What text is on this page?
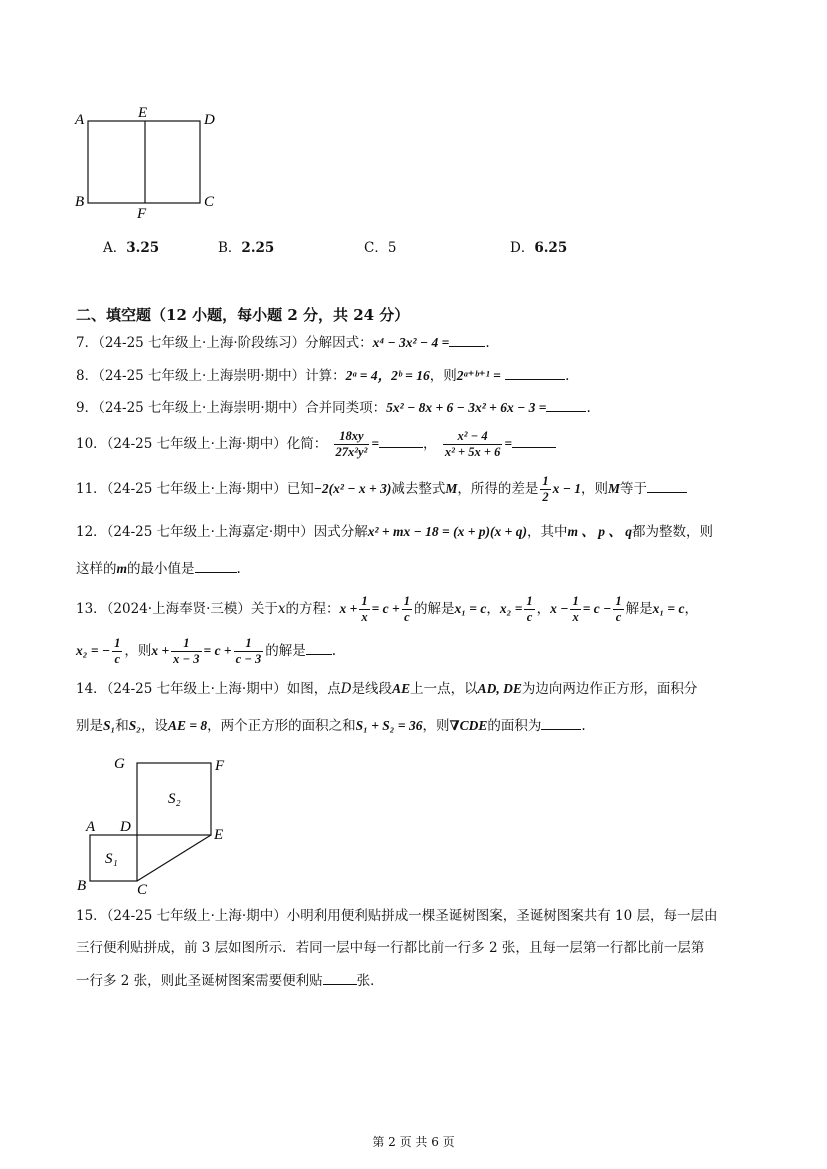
A	E	D
B
F
C
A．3.25	B．2.25	C．5	D．6.25
二、填空题（12 小题，每小题 2 分，共 24 分）
7．（24-25 七年级上·上海·阶段练习）分解因式：x⁴ − 3x² − 4 =	.
8．（24-25 七年级上·上海崇明·期中）计算：2ᵃ = 4，2ᵇ = 16，则2ᵃ⁺ᵇ⁺¹ =	.
9．（24-25 七年级上·上海崇明·期中）合并同类项：5x² − 8x + 6 − 3x² + 6x − 3 =	.
10．（24-25 七年级上·上海·期中）化简： $\frac{18xy}{\text{27x²y²}}$ =	， $\frac{\text{x² − 4}}{\text{x² + 5x + 6}}$ =
11．（24-25 七年级上·上海·期中）已知−2(x² − x + 3)减去整式M，所得的差是 $\frac{1}{2}$ x − 1，则M等于
12．（24-25 七年级上·上海嘉定·期中）因式分解x² + mx − 18 = (x + p)(x + q)，其中m 、 p 、 q都为整数，则
这样的m的最小值是	.
13．（2024·上海奉贤·三模）关于x的方程：$x + \frac{1}{x} = c + \frac{1}{c}$ 的解是x₁ = c，$x_2 = \frac{1}{c}$ ，$x - \frac{1}{x} = c - \frac{1}{c}$ 解是x₁ = c，
x₂ = − $\frac{1}{c}$ ，则$x + \frac{1}{x - 3} = c + \frac{1}{c - 3}$ 的解是 .
14．（24-25 七年级上·上海·期中）如图，点D是线段AE上一点，以AD, DE为边向两边作正方形，面积分
别是S₁和S₂，设AE = 8，两个正方形的面积之和S₁ + S₂ = 36，则∇CDE的面积为	.
G	F
A D	E
B	C
S₂
S₁
15．（24-25 七年级上·上海·期中）小明利用便利贴拼成一棵圣诞树图案，圣诞树图案共有 10 层，每一层由
三行便利贴拼成，前 3 层如图所示．若同一层中每一行都比前一行多 2 张，且每一层第一行都比前一层第
一行多 2 张，则此圣诞树图案需要便利贴	张．
第 2 页 共 6 页
